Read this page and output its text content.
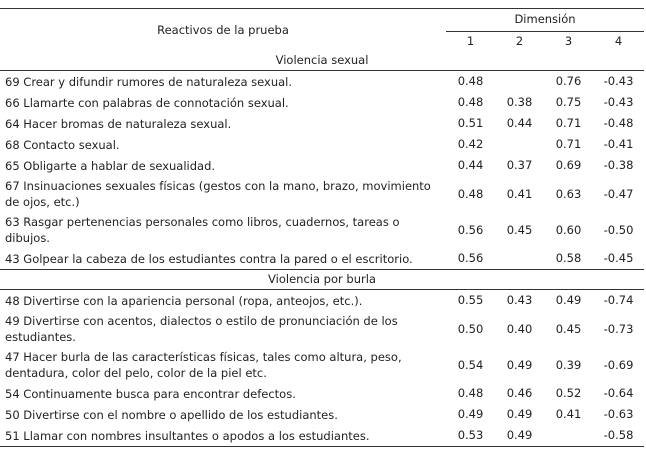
Reactivos de la prueba	Dimensión			
	1	2	3	4
Violencia sexual				
69 Crear y difundir rumores de naturaleza sexual.	0.48		0.76	-0.43
66 Llamarte con palabras de connotación sexual.	0.48	0.38	0.75	-0.43
64 Hacer bromas de naturaleza sexual.	0.51	0.44	0.71	-0.48
68 Contacto sexual.	0.42		0.71	-0.41
65 Obligarte a hablar de sexualidad.	0.44	0.37	0.69	-0.38
67 Insinuaciones sexuales físicas (gestos con la mano, brazo, movimiento de ojos, etc.)	0.48	0.41	0.63	-0.47
63 Rasgar pertenencias personales como libros, cuadernos, tareas o dibujos.	0.56	0.45	0.60	-0.50
43 Golpear la cabeza de los estudiantes contra la pared o el escritorio.	0.56		0.58	-0.45
Violencia por burla				
48 Divertirse con la apariencia personal (ropa, anteojos, etc.).	0.55	0.43	0.49	-0.74
49 Divertirse con acentos, dialectos o estilo de pronunciación de los estudiantes.	0.50	0.40	0.45	-0.73
47 Hacer burla de las características físicas, tales como altura, peso, dentadura, color del pelo, color de la piel etc.	0.54	0.49	0.39	-0.69
54 Continuamente busca para encontrar defectos.	0.48	0.46	0.52	-0.64
50 Divertirse con el nombre o apellido de los estudiantes.	0.49	0.49	0.41	-0.63
51 Llamar con nombres insultantes o apodos a los estudiantes.	0.53	0.49		-0.58
